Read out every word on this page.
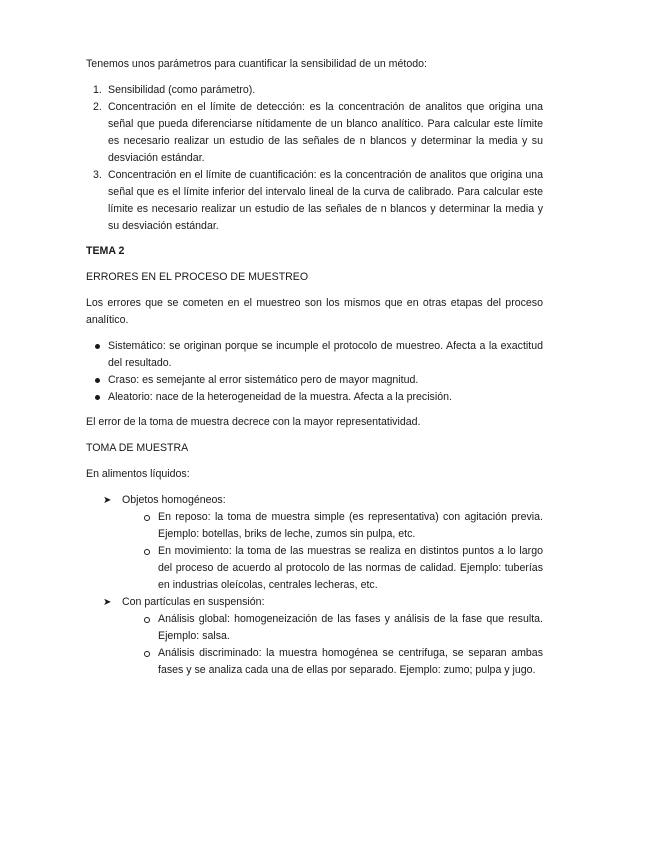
Tenemos unos parámetros para cuantificar la sensibilidad de un método:

1. Sensibilidad (como parámetro).
2. Concentración en el límite de detección: es la concentración de analitos que origina una señal que pueda diferenciarse nítidamente de un blanco analítico. Para calcular este límite es necesario realizar un estudio de las señales de n blancos y determinar la media y su desviación estándar.
3. Concentración en el límite de cuantificación: es la concentración de analitos que origina una señal que es el límite inferior del intervalo lineal de la curva de calibrado. Para calcular este límite es necesario realizar un estudio de las señales de n blancos y determinar la media y su desviación estándar.

TEMA 2

ERRORES EN EL PROCESO DE MUESTREO

Los errores que se cometen en el muestreo son los mismos que en otras etapas del proceso analítico.

Sistemático: se originan porque se incumple el protocolo de muestreo. Afecta a la exactitud del resultado.
Craso: es semejante al error sistemático pero de mayor magnitud.
Aleatorio: nace de la heterogeneidad de la muestra. Afecta a la precisión.

El error de la toma de muestra decrece con la mayor representatividad.

TOMA DE MUESTRA

En alimentos líquidos:

➤ Objetos homogéneos:
En reposo: la toma de muestra simple (es representativa) con agitación previa. Ejemplo: botellas, briks de leche, zumos sin pulpa, etc.
En movimiento: la toma de las muestras se realiza en distintos puntos a lo largo del proceso de acuerdo al protocolo de las normas de calidad. Ejemplo: tuberías en industrias oleícolas, centrales lecheras, etc.
➤ Con partículas en suspensión:
Análisis global: homogeneización de las fases y análisis de la fase que resulta. Ejemplo: salsa.
Análisis discriminado: la muestra homogénea se centrifuga, se separan ambas fases y se analiza cada una de ellas por separado. Ejemplo: zumo; pulpa y jugo.
